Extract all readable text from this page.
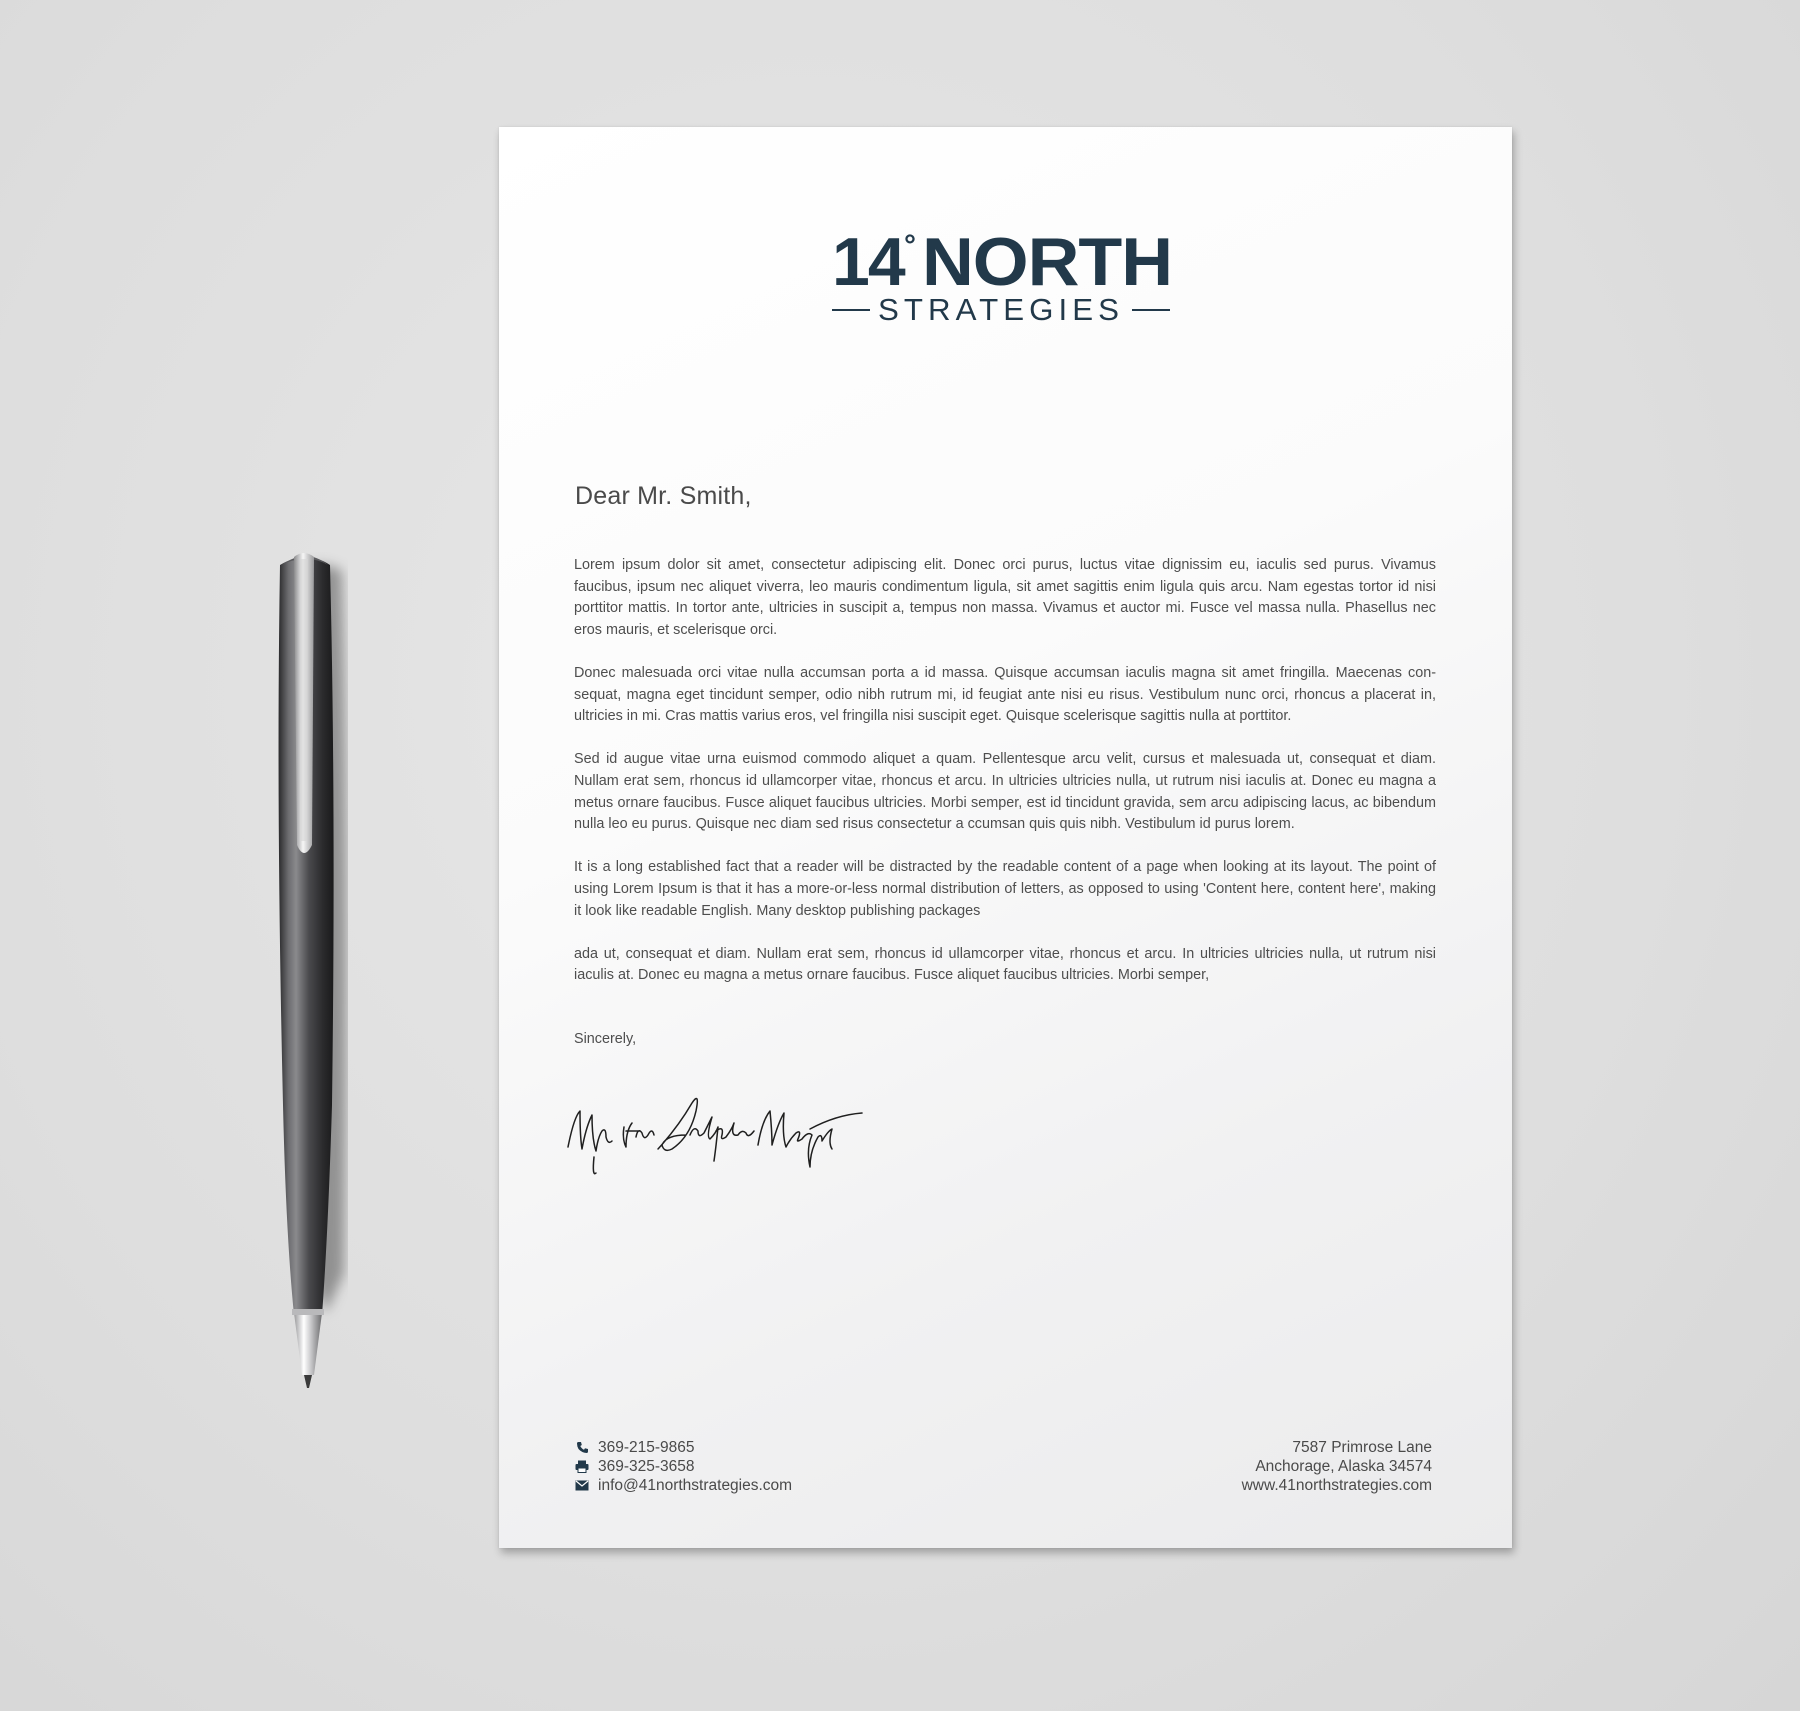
14 ° NORTH
STRATEGIES
Dear Mr. Smith,

Lorem ipsum dolor sit amet, consectetur adipiscing elit. Donec orci purus, luctus vitae dignissim eu, iaculis sed purus. Vivamus faucibus, ipsum nec aliquet viverra, leo mauris condimentum ligula, sit amet sagittis enim ligula quis arcu. Nam egestas tortor id nisi porttitor mattis. In tortor ante, ultricies in suscipit a, tempus non massa. Vivamus et auctor mi. Fusce vel massa nulla. Phasellus nec eros mauris, et scelerisque orci.

Donec malesuada orci vitae nulla accumsan porta a id massa. Quisque accumsan iaculis magna sit amet fringilla. Maecenas con-sequat, magna eget tincidunt semper, odio nibh rutrum mi, id feugiat ante nisi eu risus. Vestibulum nunc orci, rhoncus a placerat in, ultricies in mi. Cras mattis varius eros, vel fringilla nisi suscipit eget. Quisque scelerisque sagittis nulla at porttitor.

Sed id augue vitae urna euismod commodo aliquet a quam. Pellentesque arcu velit, cursus et malesuada ut, consequat et diam. Nullam erat sem, rhoncus id ullamcorper vitae, rhoncus et arcu. In ultricies ultricies nulla, ut rutrum nisi iaculis at. Donec eu magna a metus ornare faucibus. Fusce aliquet faucibus ultricies. Morbi semper, est id tincidunt gravida, sem arcu adipiscing lacus, ac bibendum nulla leo eu purus. Quisque nec diam sed risus consectetur a ccumsan quis quis nibh. Vestibulum id purus lorem.

It is a long established fact that a reader will be distracted by the readable content of a page when looking at its layout. The point of using Lorem Ipsum is that it has a more-or-less normal distribution of letters, as opposed to using 'Content here, content here', making it look like readable English. Many desktop publishing packages

ada ut, consequat et diam. Nullam erat sem, rhoncus id ullamcorper vitae, rhoncus et arcu. In ultricies ultricies nulla, ut rutrum nisi iaculis at. Donec eu magna a metus ornare faucibus. Fusce aliquet faucibus ultricies. Morbi semper,

Sincerely,
369-215-9865
369-325-3658
info@41northstrategies.com
7587 Primrose Lane
Anchorage, Alaska 34574
www.41northstrategies.com
